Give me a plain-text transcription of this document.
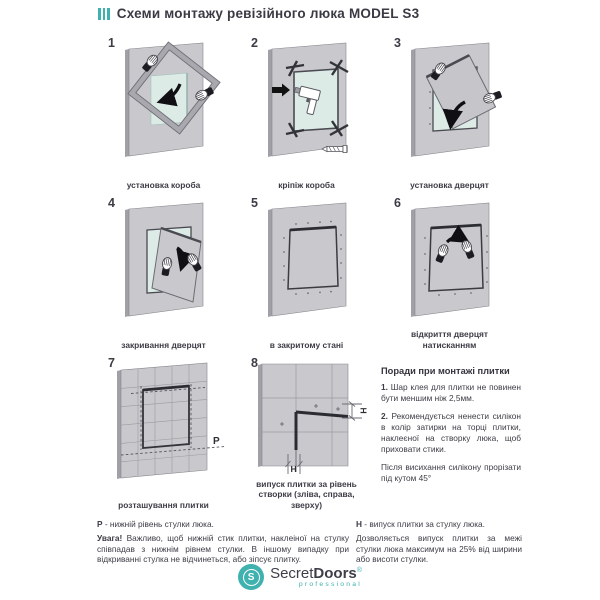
Схеми монтажу ревізійного люка MODEL S3
1
установка короба
2
кріпіж короба
3
установка дверцят
4
закривання дверцят
5
в закритому стані
6
відкриття дверцят натисканням
7
P
розташування плитки
8
H
H
випуск плитки за рівень створки (зліва, справа, зверху)
Поради при монтажі плитки

1. Шар клея для плитки не повинен бути меншим ніж 2,5мм.

2. Рекомендується ненести силікон в колір затирки на торці плитки, наклеєної на створку люка, щоб приховати стики.

Після висихання силікону прорізати під кутом 45°

P - нижній рівень стулки люка.

Увага! Важливо, щоб нижній стик плитки, наклеіної на стулку співпадав з нижнім рівнем стулки. В іншому випадку при відкриванні стулка не відчинеться, або зіпсує плитку.

H - випуск плитки за стулку люка.

Дозволяється випуск плитки за межі стулки люка максимум на 25% від ширини або висоти стулки.

S	SecretDoors®
professional
